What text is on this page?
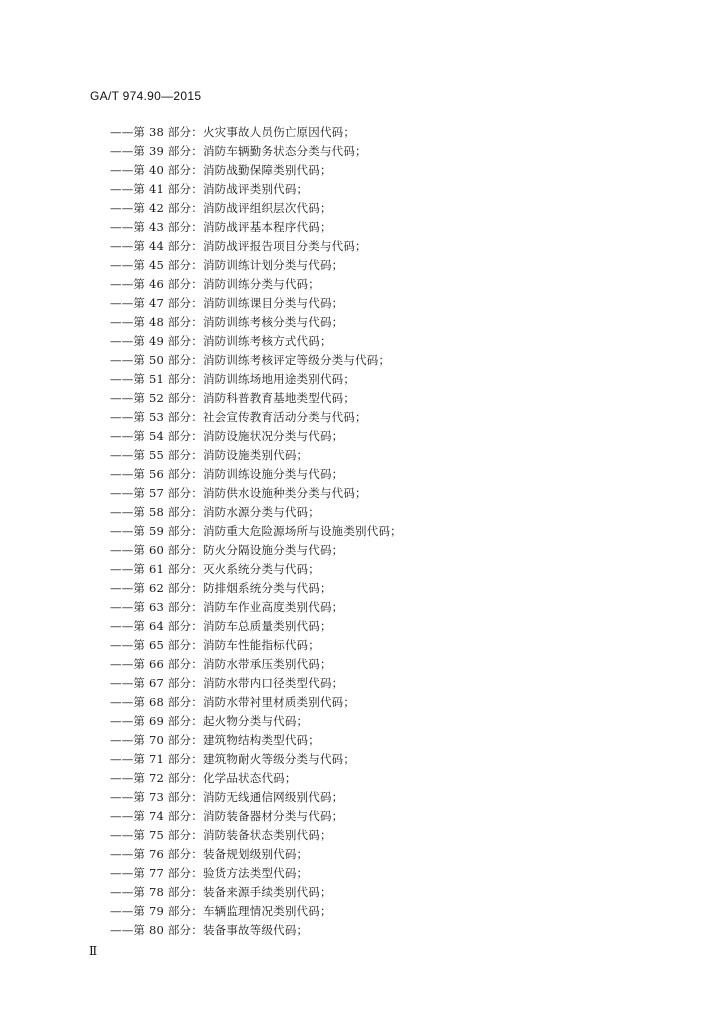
GA/T 974.90—2015
——第 38 部分：火灾事故人员伤亡原因代码；
——第 39 部分：消防车辆勤务状态分类与代码；
——第 40 部分：消防战勤保障类别代码；
——第 41 部分：消防战评类别代码；
——第 42 部分：消防战评组织层次代码；
——第 43 部分：消防战评基本程序代码；
——第 44 部分：消防战评报告项目分类与代码；
——第 45 部分：消防训练计划分类与代码；
——第 46 部分：消防训练分类与代码；
——第 47 部分：消防训练课目分类与代码；
——第 48 部分：消防训练考核分类与代码；
——第 49 部分：消防训练考核方式代码；
——第 50 部分：消防训练考核评定等级分类与代码；
——第 51 部分：消防训练场地用途类别代码；
——第 52 部分：消防科普教育基地类型代码；
——第 53 部分：社会宣传教育活动分类与代码；
——第 54 部分：消防设施状况分类与代码；
——第 55 部分：消防设施类别代码；
——第 56 部分：消防训练设施分类与代码；
——第 57 部分：消防供水设施种类分类与代码；
——第 58 部分：消防水源分类与代码；
——第 59 部分：消防重大危险源场所与设施类别代码；
——第 60 部分：防火分隔设施分类与代码；
——第 61 部分：灭火系统分类与代码；
——第 62 部分：防排烟系统分类与代码；
——第 63 部分：消防车作业高度类别代码；
——第 64 部分：消防车总质量类别代码；
——第 65 部分：消防车性能指标代码；
——第 66 部分：消防水带承压类别代码；
——第 67 部分：消防水带内口径类型代码；
——第 68 部分：消防水带衬里材质类别代码；
——第 69 部分：起火物分类与代码；
——第 70 部分：建筑物结构类型代码；
——第 71 部分：建筑物耐火等级分类与代码；
——第 72 部分：化学品状态代码；
——第 73 部分：消防无线通信网级别代码；
——第 74 部分：消防装备器材分类与代码；
——第 75 部分：消防装备状态类别代码；
——第 76 部分：装备规划级别代码；
——第 77 部分：验货方法类型代码；
——第 78 部分：装备来源手续类别代码；
——第 79 部分：车辆监理情况类别代码；
——第 80 部分：装备事故等级代码；
Ⅱ
